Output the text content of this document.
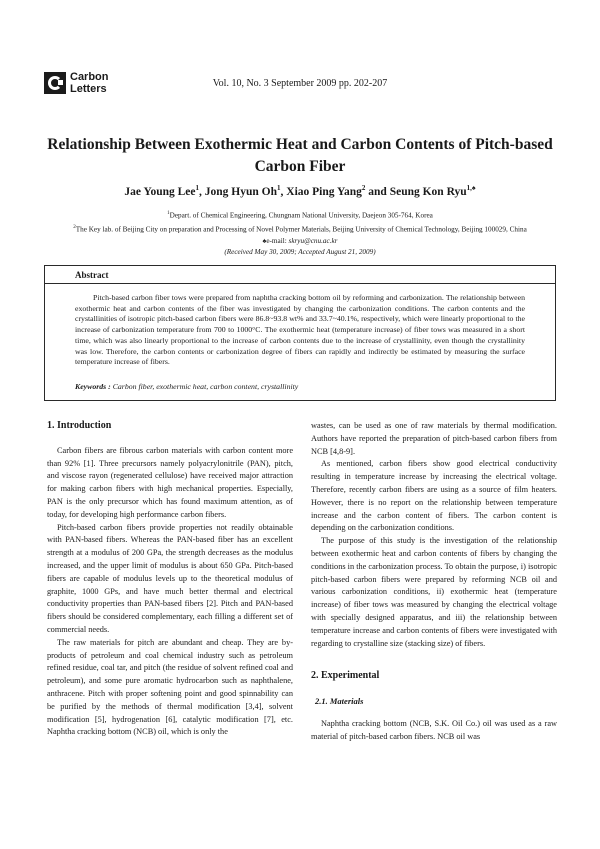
Carbon
Letters	Vol. 10, No. 3 September 2009 pp. 202-207
Relationship Between Exothermic Heat and Carbon Contents of Pitch-based Carbon Fiber
Jae Young Lee$^1$, Jong Hyun Oh$^1$, Xiao Ping Yang$^2$ and Seung Kon Ryu$^{1,♠}$
$^1$Depart. of Chemical Engineering, Chungnam National University, Daejeon 305-764, Korea
$^2$The Key lab. of Beijing City on preparation and Processing of Novel Polymer Materials, Beijing University of Chemical Technology, Beijing 100029, China
♠e-mail: skryu@cnu.ac.kr
(Received May 30, 2009; Accepted August 21, 2009)
Abstract
Pitch-based carbon fiber tows were prepared from naphtha cracking bottom oil by reforming and carbonization. The relationship between exothermic heat and carbon contents of the fiber was investigated by changing the carbonization conditions. The carbon contents and the crystallinities of isotropic pitch-based carbon fibers were 86.8~93.8 wt% and 33.7~40.1%, respectively, which were linearly proportional to the increase of carbonization temperature from 700 to 1000°C. The exothermic heat (temperature increase) of fiber tows was measured in a short time, which was also linearly proportional to the increase of carbon contents due to the increase of crystallinity, even though the crystallinity was low. Therefore, the carbon contents or carbonization degree of fibers can rapidly and indirectly be estimated by measuring the surface temperature increase of fibers.
Keywords : Carbon fiber, exothermic heat, carbon content, crystallinity
1. Introduction

Carbon fibers are fibrous carbon materials with carbon content more than 92% [1]. Three precursors namely polyacrylonitrile (PAN), pitch, and viscose rayon (regenerated cellulose) have received major attraction for making carbon fibers with high mechanical properties. Especially, PAN is the only precursor which has found maximum attention, as of today, for developing high performance carbon fibers.

Pitch-based carbon fibers provide properties not readily obtainable with PAN-based fibers. Whereas the PAN-based fiber has an excellent strength at a modulus of 200 GPa, the strength decreases as the modulus increased, and the upper limit of modulus is about 650 GPa. Pitch-based fibers are capable of modulus levels up to the theoretical modulus of graphite, 1000 GPs, and have much better thermal and electrical conductivity properties than PAN-based fibers [2]. Pitch and PAN-based fibers should be considered complementary, each filling a different set of commercial needs.

The raw materials for pitch are abundant and cheap. They are by-products of petroleum and coal chemical industry such as petroleum refined residue, coal tar, and pitch (the residue of solvent refined coal and petroleum), and some pure aromatic hydrocarbon such as naphthalene, anthracene. Pitch with proper softening point and good spinnability can be purified by the methods of thermal modification [3,4], solvent modification [5], hydrogenation [6], catalytic modification [7], etc. Naphtha cracking bottom (NCB) oil, which is only the

wastes, can be used as one of raw materials by thermal modification. Authors have reported the preparation of pitch-based carbon fibers from NCB [4,8-9].

As mentioned, carbon fibers show good electrical conductivity resulting in temperature increase by increasing the electrical voltage. Therefore, recently carbon fibers are using as a source of film heaters. However, there is no report on the relationship between temperature increase and the carbon content of fibers. The carbon content is depending on the carbonization conditions.

The purpose of this study is the investigation of the relationship between exothermic heat and carbon contents of fibers by changing the conditions in the carbonization process. To obtain the purpose, i) isotropic pitch-based carbon fibers were prepared by reforming NCB oil and various carbonization conditions, ii) exothermic heat (temperature increase) of fiber tows was measured by changing the electrical voltage with specially designed apparatus, and iii) the relationship between temperature increase and carbon contents of fibers were investigated with regarding to crystalline size (stacking size) of fibers.

2. Experimental
2.1. Materials

Naphtha cracking bottom (NCB, S.K. Oil Co.) oil was used as a raw material of pitch-based carbon fibers. NCB oil was
